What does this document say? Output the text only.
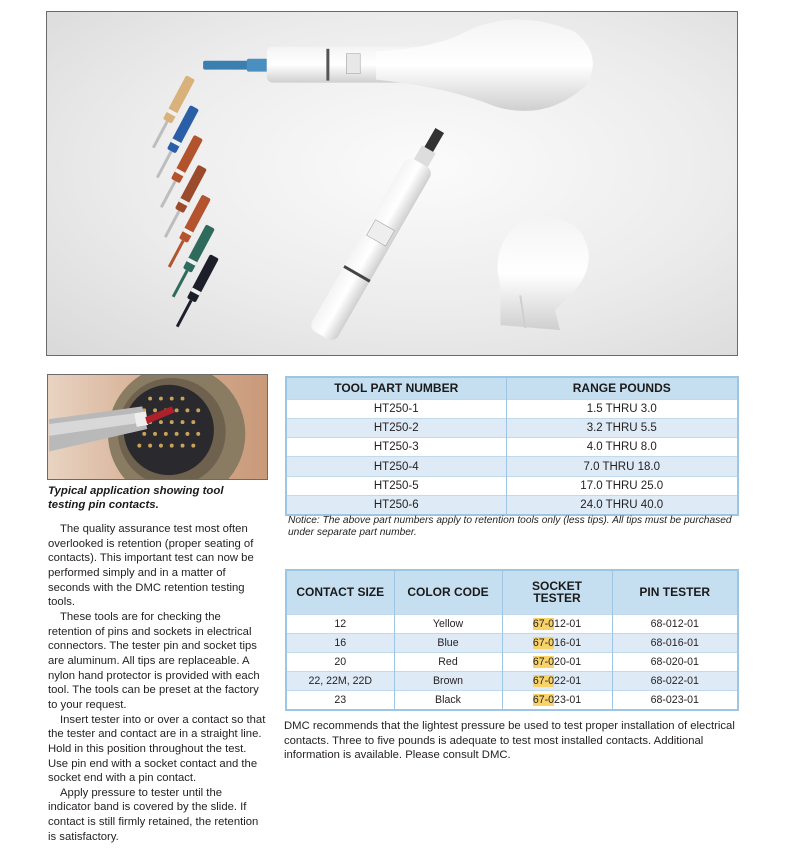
Typical application showing tool testing pin contacts.

The quality assurance test most often overlooked is retention (proper seating of contacts). This important test can now be performed simply and in a matter of seconds with the DMC retention testing tools.

These tools are for checking the retention of pins and sockets in electrical connectors. The tester pin and socket tips are aluminum. All tips are replaceable. A nylon hand protector is provided with each tool. The tools can be preset at the factory to your request.

Insert tester into or over a contact so that the tester and contact are in a straight line. Hold in this position throughout the test. Use pin end with a socket contact and the socket end with a pin contact.

Apply pressure to tester until the indicator band is covered by the slide. If contact is still firmly retained, the retention is satisfactory.

TOOL PART NUMBER	RANGE POUNDS
HT250-1	1.5 THRU 3.0
HT250-2	3.2 THRU 5.5
HT250-3	4.0 THRU 8.0
HT250-4	7.0 THRU 18.0
HT250-5	17.0 THRU 25.0
HT250-6	24.0 THRU 40.0
Notice: The above part numbers apply to retention tools only (less tips). All tips must be purchased under separate part number.
CONTACT SIZE	COLOR CODE	SOCKET TESTER	PIN TESTER
12	Yellow	67-012-01	68-012-01
16	Blue	67-016-01	68-016-01
20	Red	67-020-01	68-020-01
22, 22M, 22D	Brown	67-022-01	68-022-01
23	Black	67-023-01	68-023-01
DMC recommends that the lightest pressure be used to test proper installation of electrical contacts. Three to five pounds is adequate to test most installed contacts. Additional information is available. Please consult DMC.
